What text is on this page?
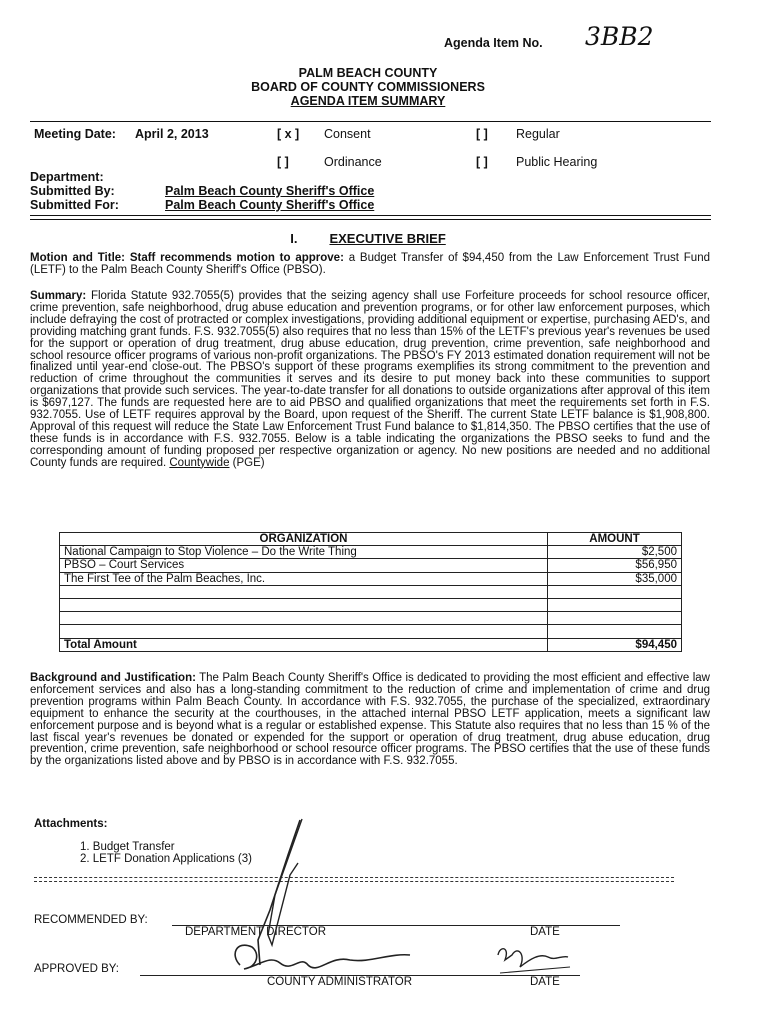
Agenda Item No. 3BB2
PALM BEACH COUNTY
BOARD OF COUNTY COMMISSIONERS
AGENDA ITEM SUMMARY
Meeting Date: April 2, 2013	[ x ] Consent	[ ] Regular
[ ]	Ordinance	[ ] Public Hearing
Department:
Submitted By:	Palm Beach County Sheriff's Office
Submitted For:	Palm Beach County Sheriff's Office
I. EXECUTIVE BRIEF
Motion and Title: Staff recommends motion to approve: a Budget Transfer of $94,450 from the Law Enforcement Trust Fund (LETF) to the Palm Beach County Sheriff's Office (PBSO).
Summary: Florida Statute 932.7055(5) provides that the seizing agency shall use Forfeiture proceeds for school resource officer, crime prevention, safe neighborhood, drug abuse education and prevention programs, or for other law enforcement purposes, which include defraying the cost of protracted or complex investigations, providing additional equipment or expertise, purchasing AED's, and providing matching grant funds. F.S. 932.7055(5) also requires that no less than 15% of the LETF's previous year's revenues be used for the support or operation of drug treatment, drug abuse education, drug prevention, crime prevention, safe neighborhood and school resource officer programs of various non-profit organizations. The PBSO's FY 2013 estimated donation requirement will not be finalized until year-end close-out. The PBSO's support of these programs exemplifies its strong commitment to the prevention and reduction of crime throughout the communities it serves and its desire to put money back into these communities to support organizations that provide such services. The year-to-date transfer for all donations to outside organizations after approval of this item is $697,127. The funds are requested here are to aid PBSO and qualified organizations that meet the requirements set forth in F.S. 932.7055. Use of LETF requires approval by the Board, upon request of the Sheriff. The current State LETF balance is $1,908,800. Approval of this request will reduce the State Law Enforcement Trust Fund balance to $1,814,350. The PBSO certifies that the use of these funds is in accordance with F.S. 932.7055. Below is a table indicating the organizations the PBSO seeks to fund and the corresponding amount of funding proposed per respective organization or agency. No new positions are needed and no additional County funds are required. Countywide (PGE)
ORGANIZATION	AMOUNT
National Campaign to Stop Violence – Do the Write Thing	$2,500
PBSO – Court Services	$56,950
The First Tee of the Palm Beaches, Inc.	$35,000

Total Amount	$94,450
Background and Justification: The Palm Beach County Sheriff's Office is dedicated to providing the most efficient and effective law enforcement services and also has a long-standing commitment to the reduction of crime and implementation of crime and drug prevention programs within Palm Beach County. In accordance with F.S. 932.7055, the purchase of the specialized, extraordinary equipment to enhance the security at the courthouses, in the attached internal PBSO LETF application, meets a significant law enforcement purpose and is beyond what is a regular or established expense. This Statute also requires that no less than 15 % of the last fiscal year's revenues be donated or expended for the support or operation of drug treatment, drug abuse education, drug prevention, crime prevention, safe neighborhood or school resource officer programs. The PBSO certifies that the use of these funds by the organizations listed above and by PBSO is in accordance with F.S. 932.7055.
Attachments:
1. Budget Transfer
2. LETF Donation Applications (3)
RECOMMENDED BY:
DEPARTMENT DIRECTOR	DATE
APPROVED BY:
COUNTY ADMINISTRATOR	DATE
